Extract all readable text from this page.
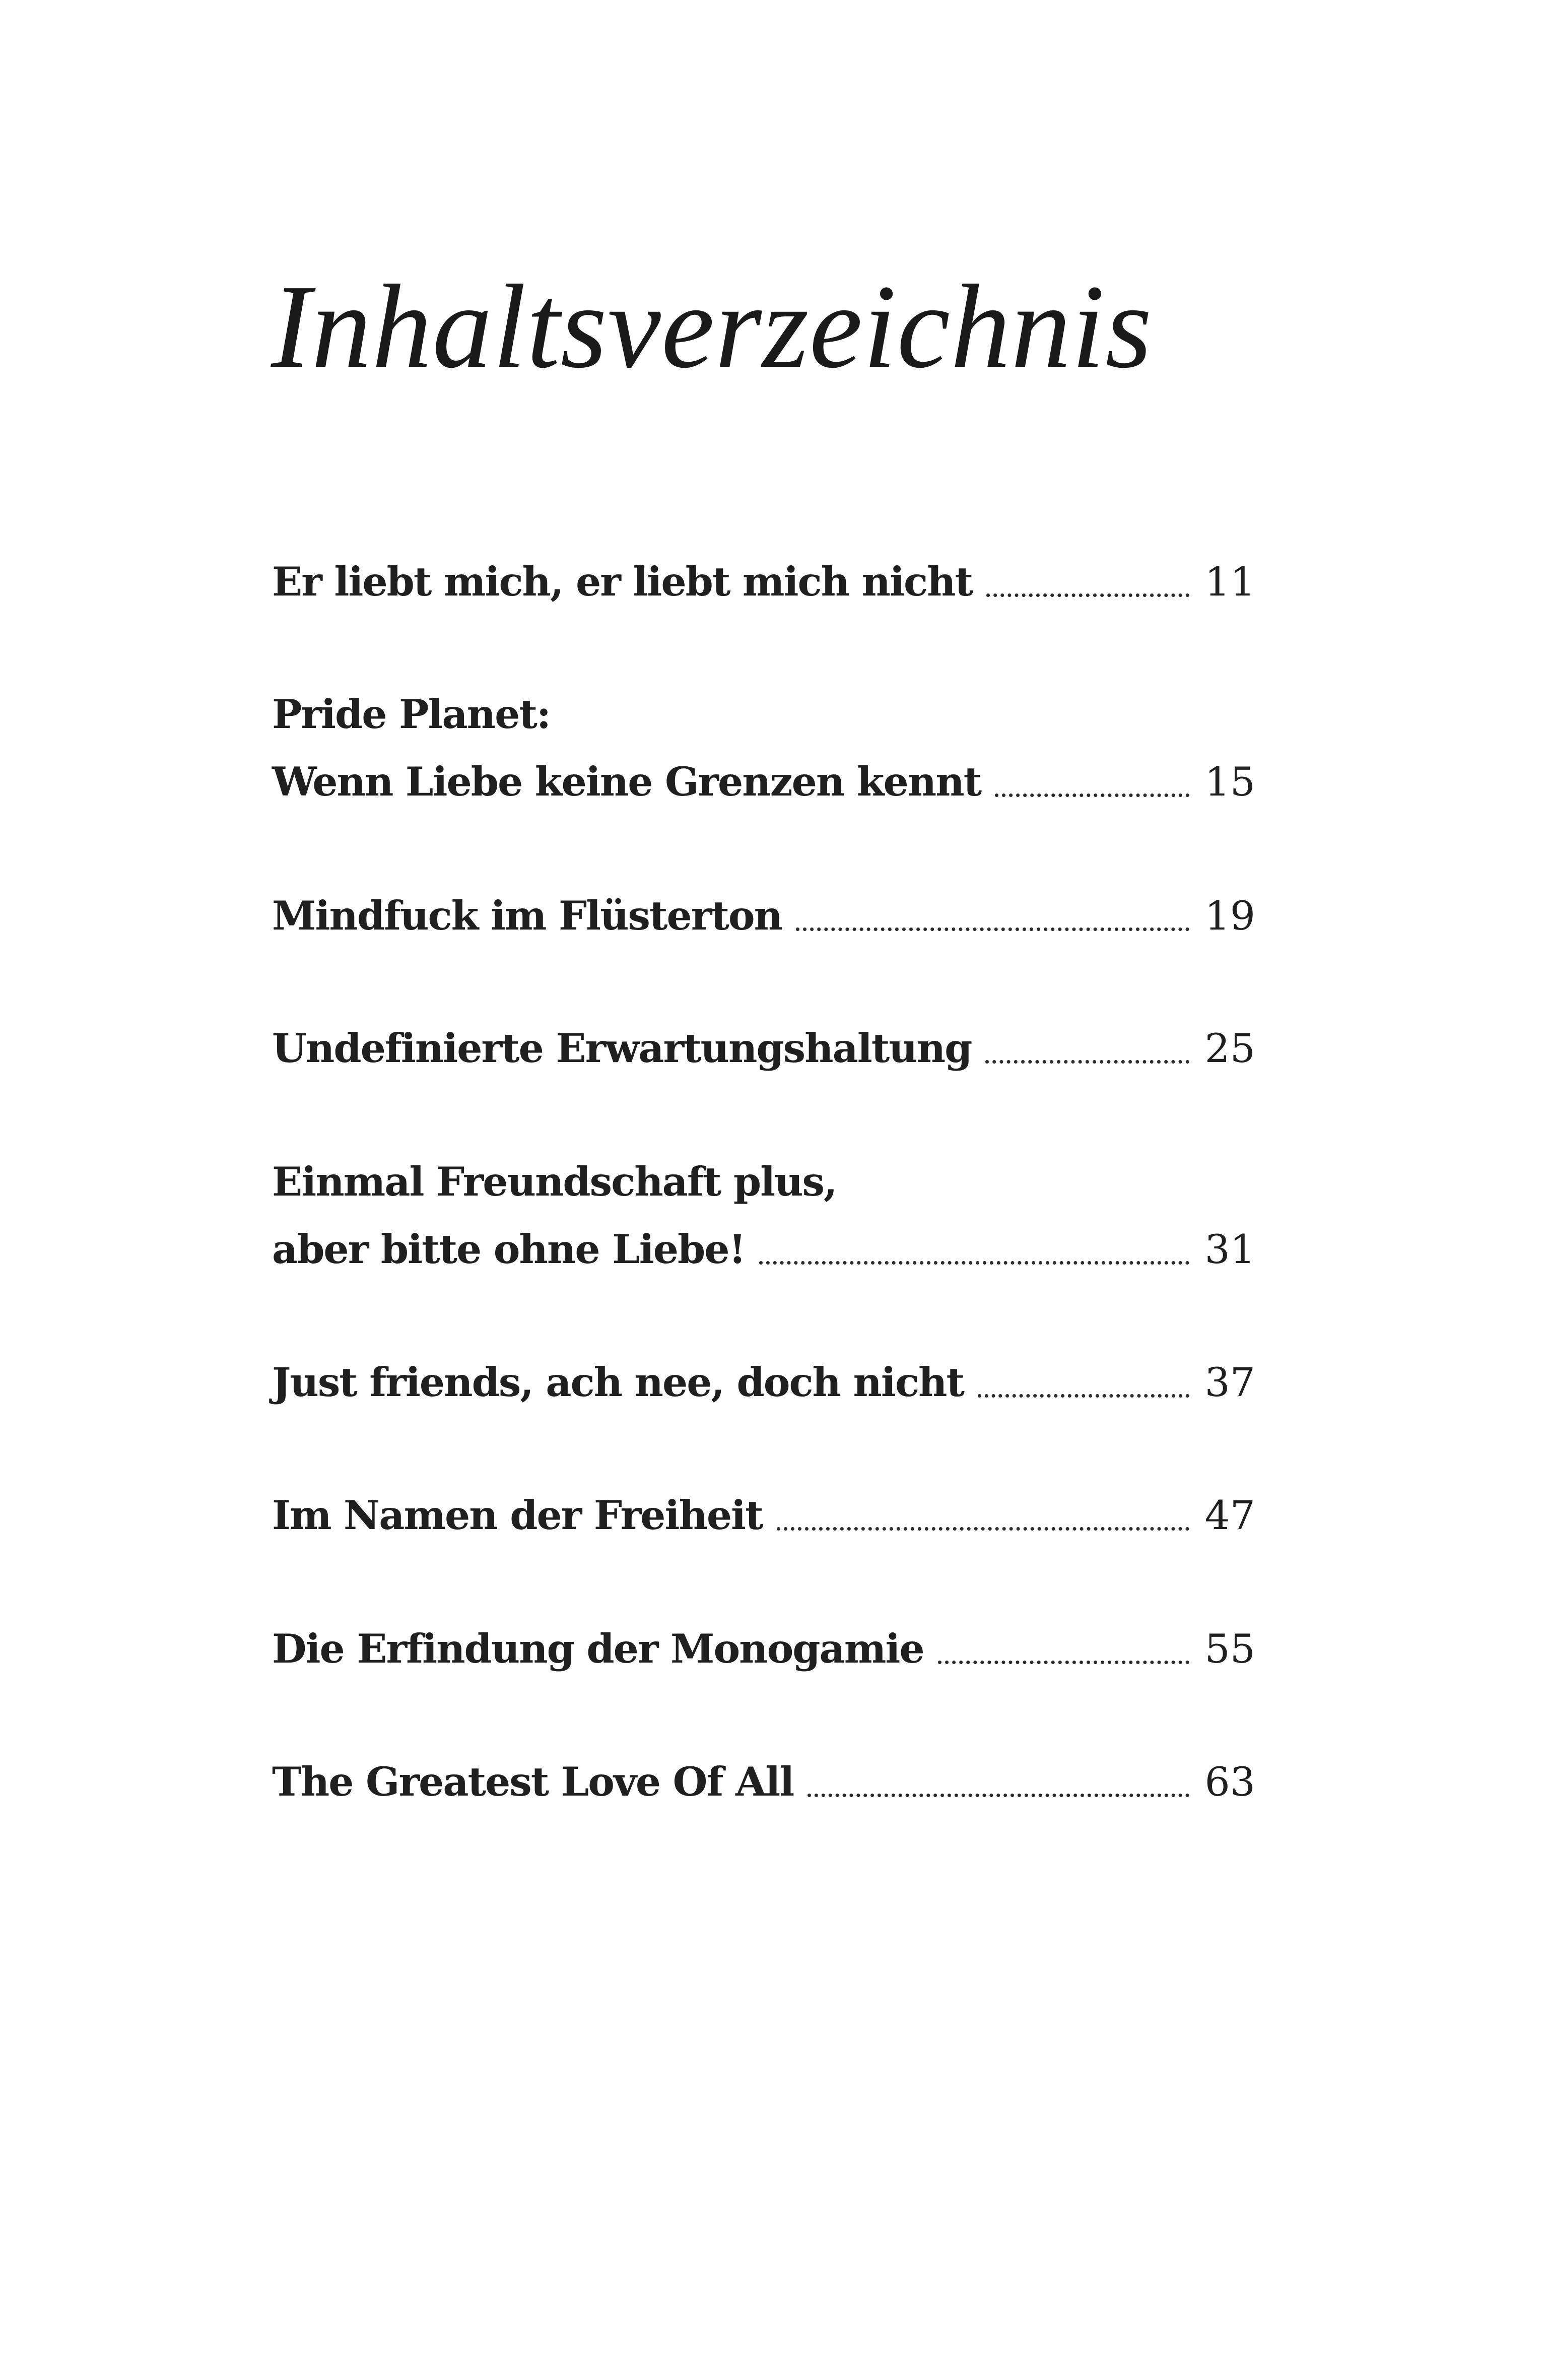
Inhaltsverzeichnis
Er liebt mich, er liebt mich nicht	11
Pride Planet:
Wenn Liebe keine Grenzen kennt	15
Mindfuck im Flüsterton	19
Undefinierte Erwartungshaltung	25
Einmal Freundschaft plus,
aber bitte ohne Liebe!	31
Just friends, ach nee, doch nicht	37
Im Namen der Freiheit	47
Die Erfindung der Monogamie	55
The Greatest Love Of All	63
